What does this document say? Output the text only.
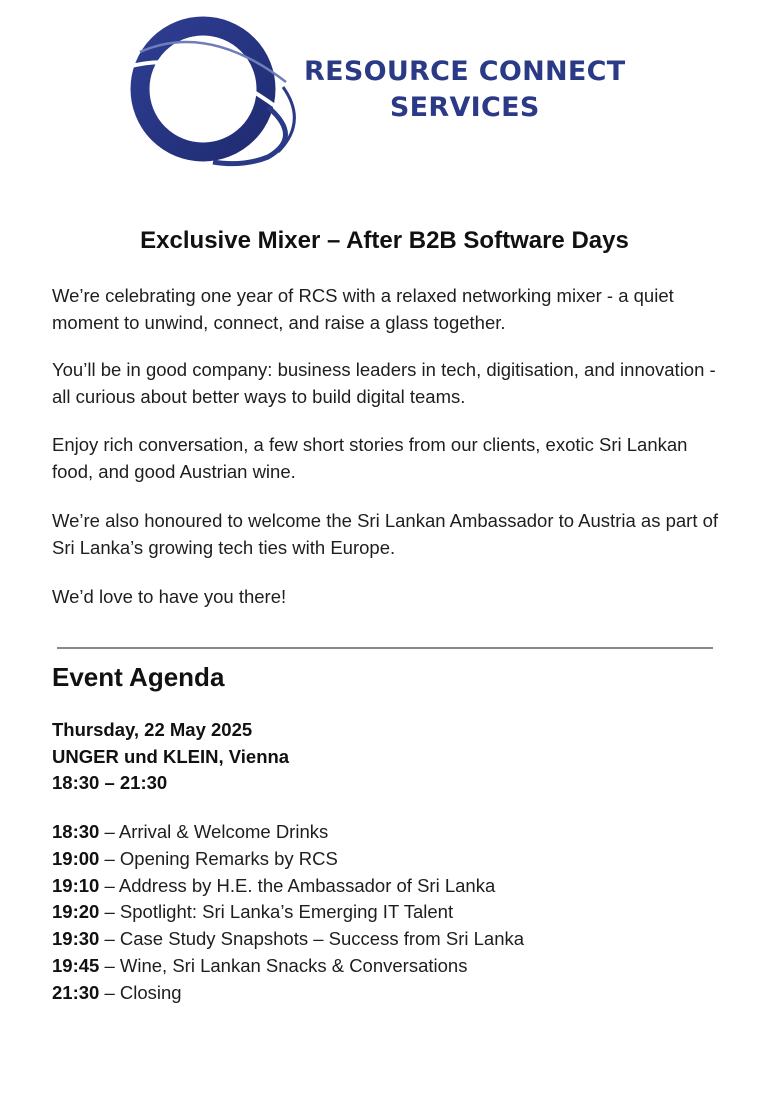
RESOURCE CONNECT
SERVICES
Exclusive Mixer – After B2B Software Days

We’re celebrating one year of RCS with a relaxed networking mixer - a quiet moment to unwind, connect, and raise a glass together.

You’ll be in good company: business leaders in tech, digitisation, and innovation - all curious about better ways to build digital teams.

Enjoy rich conversation, a few short stories from our clients, exotic Sri Lankan food, and good Austrian wine.

We’re also honoured to welcome the Sri Lankan Ambassador to Austria as part of Sri Lanka’s growing tech ties with Europe.

We’d love to have you there!

Event Agenda
Thursday, 22 May 2025
UNGER und KLEIN, Vienna
18:30 – 21:30
18:30 – Arrival & Welcome Drinks
19:00 – Opening Remarks by RCS
19:10 – Address by H.E. the Ambassador of Sri Lanka
19:20 – Spotlight: Sri Lanka’s Emerging IT Talent
19:30 – Case Study Snapshots – Success from Sri Lanka
19:45 – Wine, Sri Lankan Snacks & Conversations
21:30 – Closing
